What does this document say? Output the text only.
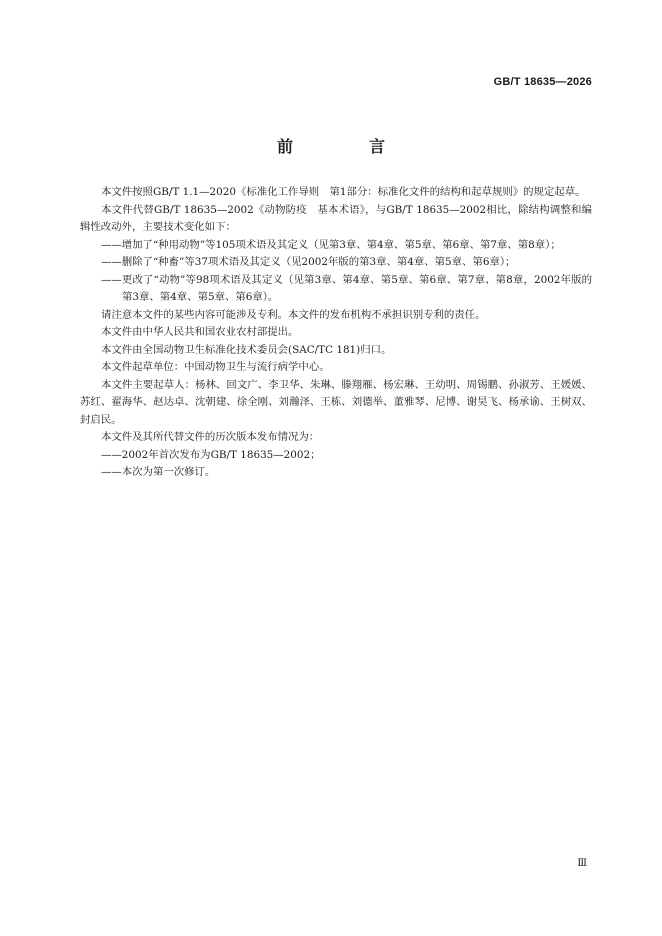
GB/T 18635—2026
前　言

本文件按照GB/T 1.1—2020《标准化工作导则　第1部分：标准化文件的结构和起草规则》的规定起草。

本文件代替GB/T 18635—2002《动物防疫　基本术语》，与GB/T 18635—2002相比，除结构调整和编辑性改动外，主要技术变化如下：

——增加了“种用动物”等105项术语及其定义（见第3章、第4章、第5章、第6章、第7章、第8章）；

——删除了“种畜”等37项术语及其定义（见2002年版的第3章、第4章、第5章、第6章）；

——更改了“动物”等98项术语及其定义（见第3章、第4章、第5章、第6章、第7章、第8章，2002年版的第3章、第4章、第5章、第6章）。

请注意本文件的某些内容可能涉及专利。本文件的发布机构不承担识别专利的责任。

本文件由中华人民共和国农业农村部提出。

本文件由全国动物卫生标准化技术委员会(SAC/TC 181)归口。

本文件起草单位：中国动物卫生与流行病学中心。

本文件主要起草人：杨林、回文广、李卫华、朱琳、滕翔雁、杨宏琳、王幼明、周锡鹏、孙淑芳、王媛媛、苏红、翟海华、赵达卓、沈朝建、徐全刚、刘瀚泽、王栋、刘德举、董雅琴、尼博、谢昊飞、杨承谕、王树双、封启民。

本文件及其所代替文件的历次版本发布情况为：

——2002年首次发布为GB/T 18635—2002；

——本次为第一次修订。

Ⅲ
